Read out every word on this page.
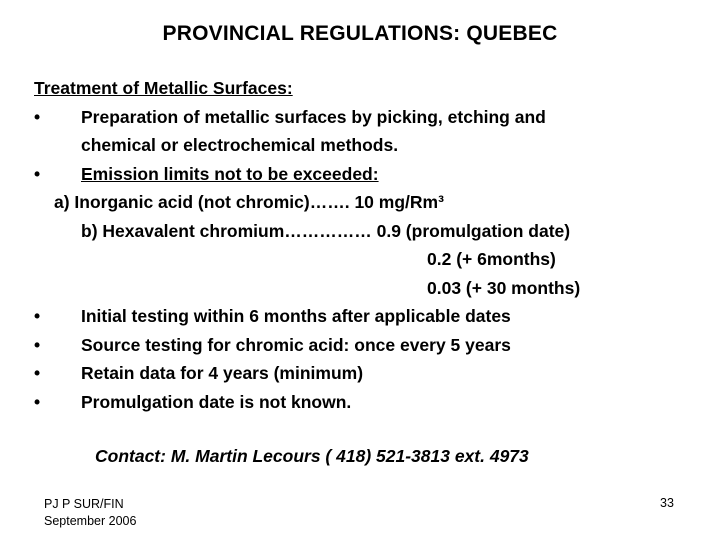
PROVINCIAL REGULATIONS: QUEBEC
Treatment of Metallic Surfaces:
•	Preparation of metallic surfaces by picking, etching and
chemical or electrochemical methods.
•	Emission limits not to be exceeded:
a) Inorganic acid (not chromic)……. 10 mg/Rm³
b) Hexavalent chromium…………… 0.9 (promulgation date)
0.2 (+ 6months)
0.03 (+ 30 months)
•	Initial testing within 6 months after applicable dates
•	Source testing for chromic acid: once every 5 years
•	Retain data for 4 years (minimum)
•	Promulgation date is not known.
Contact: M. Martin Lecours ( 418) 521-3813 ext. 4973
PJ P SUR/FIN
September 2006
33
